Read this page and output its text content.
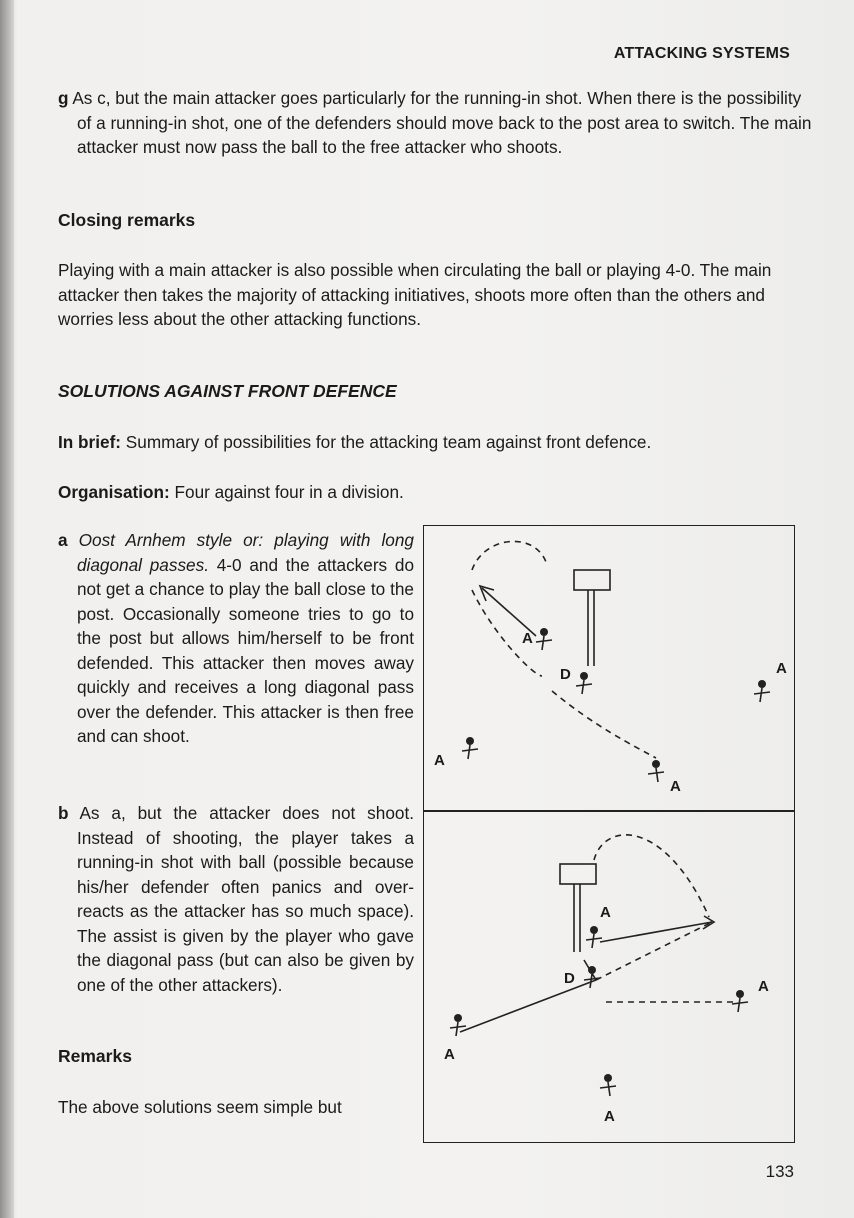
ATTACKING SYSTEMS
g As c, but the main attacker goes particularly for the running-in shot. When there is the possibility of a running-in shot, one of the defenders should move back to the post area to switch. The main attacker must now pass the ball to the free attacker who shoots.
Closing remarks
Playing with a main attacker is also possible when circulating the ball or playing 4-0. The main attacker then takes the majority of attacking initiatives, shoots more often than the others and worries less about the other attacking functions.
SOLUTIONS AGAINST FRONT DEFENCE
In brief: Summary of possibilities for the attacking team against front defence.
Organisation: Four against four in a division.
a Oost Arnhem style or: playing with long diagonal passes. 4-0 and the attackers do not get a chance to play the ball close to the post. Occasionally someone tries to go to the post but allows him/herself to be front defended. This attacker then moves away quickly and receives a long diagonal pass over the defender. This attacker is then free and can shoot.
b As a, but the attacker does not shoot. Instead of shooting, the player takes a running-in shot with ball (possible because his/her defender often panics and over-reacts as the attacker has so much space). The assist is given by the player who gave the diagonal pass (but can also be given by one of the other attackers).
Remarks
The above solutions seem simple but
A
D	A
A
A
A
D	A
A
A
133
